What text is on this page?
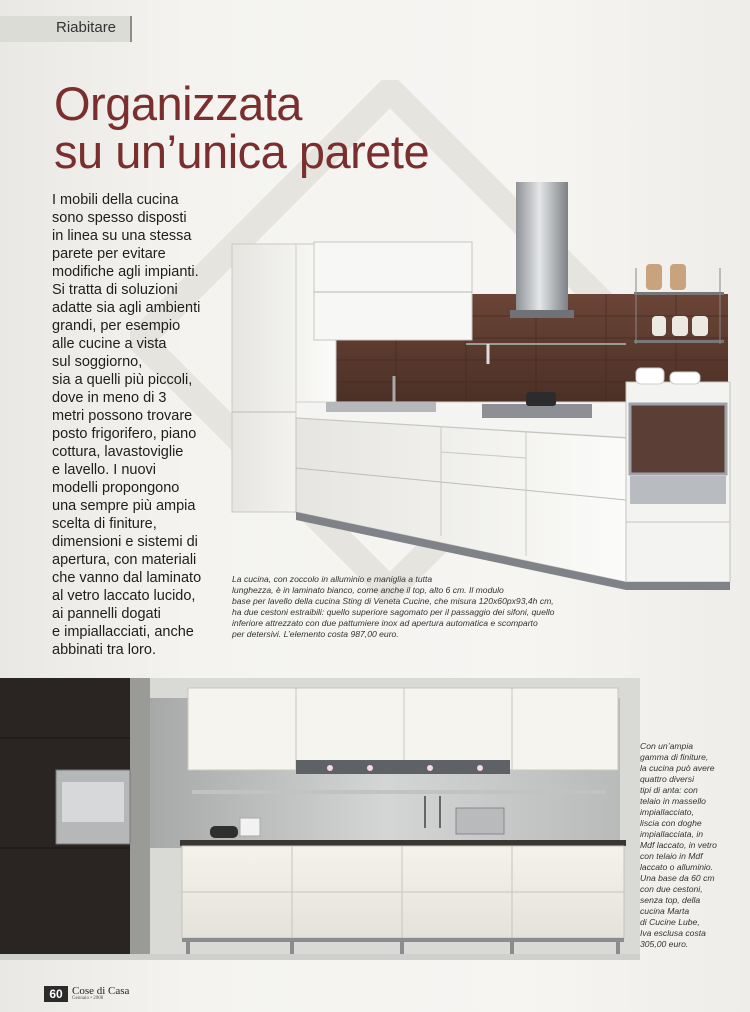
Riabitare
Organizzata
su un’unica parete

I mobili della cucina
sono spesso disposti
in linea su una stessa
parete per evitare
modifiche agli impianti.
Si tratta di soluzioni
adatte sia agli ambienti
grandi, per esempio
alle cucine a vista
sul soggiorno,
sia a quelli più piccoli,
dove in meno di 3
metri possono trovare
posto frigorifero, piano
cottura, lavastoviglie
e lavello. I nuovi
modelli propongono
una sempre più ampia
scelta di finiture,
dimensioni e sistemi di
apertura, con materiali
che vanno dal laminato
al vetro laccato lucido,
ai pannelli dogati
e impiallacciati, anche
abbinati tra loro.

La cucina, con zoccolo in alluminio e maniglia a tutta
lunghezza, è in laminato bianco, come anche il top, alto 6 cm. Il modulo
base per lavello della cucina Sting di Veneta Cucine, che misura 120x60px93,4h cm,
ha due cestoni estraibili: quello superiore sagomato per il passaggio dei sifoni, quello
inferiore attrezzato con due pattumiere inox ad apertura automatica e scomparto
per detersivi. L’elemento costa 987,00 euro.
Con un’ampia
gamma di finiture,
la cucina può avere
quattro diversi
tipi di anta: con
telaio in massello
impiallacciato,
liscia con doghe
impiallacciata, in
Mdf laccato, in vetro
con telaio in Mdf
laccato o alluminio.
Una base da 60 cm
con due cestoni,
senza top, della
cucina Marta
di Cucine Lube,
Iva esclusa costa
305,00 euro.
60 Cose di Casa
Gennaio • 2008
